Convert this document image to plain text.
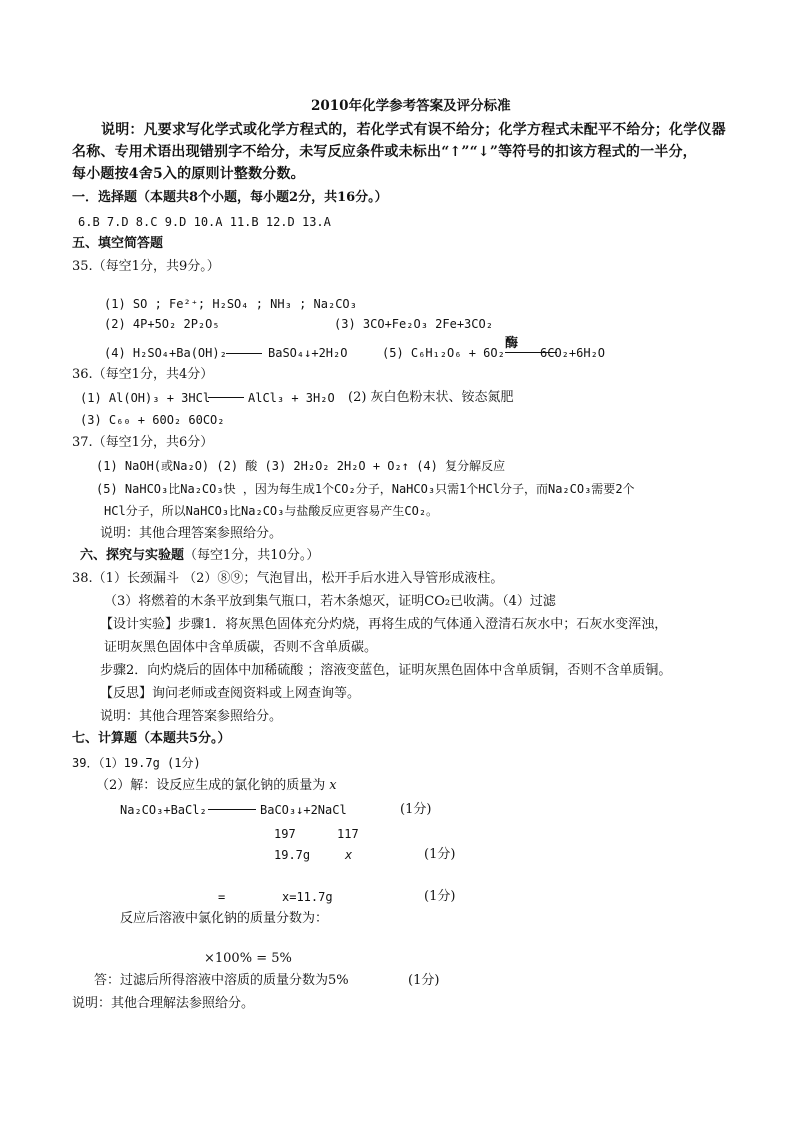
2010年化学参考答案及评分标准
说明：凡要求写化学式或化学方程式的，若化学式有误不给分；化学方程式未配平不给分；化学仪器
名称、专用术语出现错别字不给分，未写反应条件或未标出“↑”“↓”等符号的扣该方程式的一半分，
每小题按4舍5入的原则计整数分数。
一．选择题（本题共8个小题，每小题2分，共16分。）
6.B 7.D 8.C 9.D 10.A 11.B 12.D 13.A
五、填空简答题
35.（每空1分，共9分。）
(1) SO ; Fe²⁺; H₂SO₄ ; NH₃ ; Na₂CO₃
(2) 4P+5O₂ 2P₂O₅	(3) 3CO+Fe₂O₃ 2Fe+3CO₂
(4) H₂SO₄+Ba(OH)₂	BaSO₄↓+2H₂O	(5) C₆H₁₂O₆ + 6O₂
酶
6CO₂+6H₂O
36.（每空1分，共4分）
(1) Al(OH)₃ + 3HCl	AlCl₃ + 3H₂O (2) 灰白色粉末状、铵态氮肥
(3) C₆₀ + 60O₂ 60CO₂
37.（每空1分，共6分）
(1) NaOH(或Na₂O) (2) 酸 (3) 2H₂O₂ 2H₂O + O₂↑ (4) 复分解反应
(5) NaHCO₃比Na₂CO₃快 ，因为每生成1个CO₂分子，NaHCO₃只需1个HCl分子，而Na₂CO₃需要2个
HCl分子，所以NaHCO₃比Na₂CO₃与盐酸反应更容易产生CO₂。
说明：其他合理答案参照给分。
六、探究与实验题（每空1分，共10分。）
38.（1）长颈漏斗 （2）⑧⑨；气泡冒出，松开手后水进入导管形成液柱。
（3）将燃着的木条平放到集气瓶口，若木条熄灭，证明CO₂已收满。（4）过滤
【设计实验】步骤1．将灰黑色固体充分灼烧，再将生成的气体通入澄清石灰水中；石灰水变浑浊，
证明灰黑色固体中含单质碳，否则不含单质碳。
步骤2．向灼烧后的固体中加稀硫酸 ；溶液变蓝色，证明灰黑色固体中含单质铜，否则不含单质铜。
【反思】询问老师或查阅资料或上网查询等。
说明：其他合理答案参照给分。
七、计算题（本题共5分。）
39．（1）19.7g (1分)
（2）解：设反应生成的氯化钠的质量为 x
Na₂CO₃+BaCl₂	BaCO₃↓+2NaCl	(1分)
197	117
19.7g	x	(1分)
=	x=11.7g	(1分)
反应后溶液中氯化钠的质量分数为：
×100% = 5%
答：过滤后所得溶液中溶质的质量分数为5%	(1分)
说明：其他合理解法参照给分。
